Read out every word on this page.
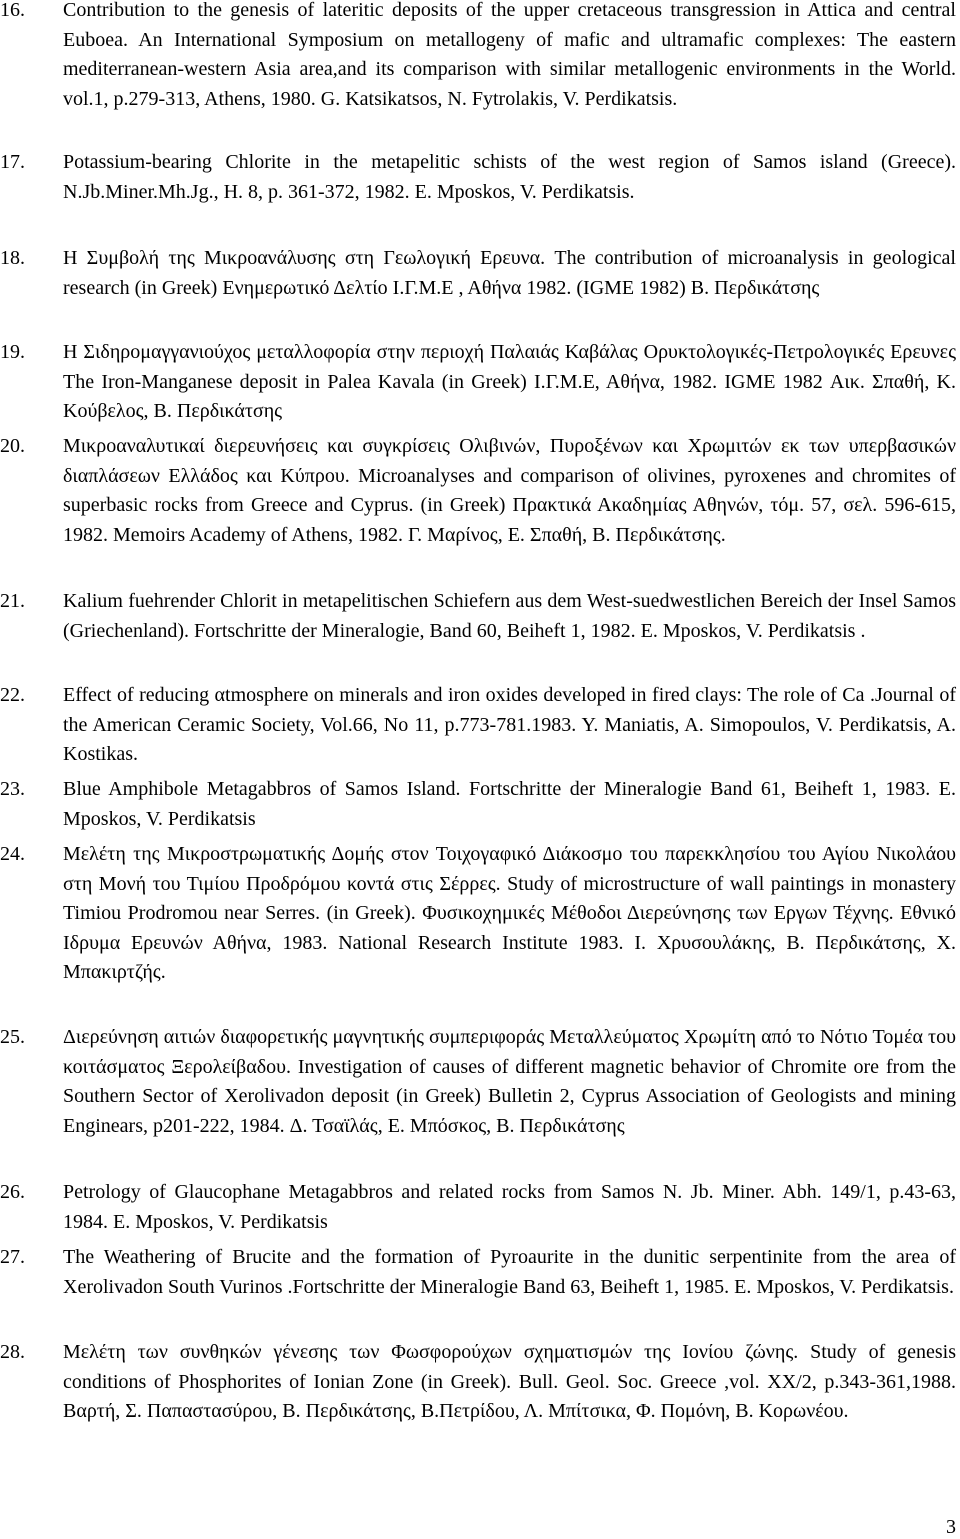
16. Contribution to the genesis of lateritic deposits of the upper cretaceous transgression in Attica and central Euboea. An International Symposium on metallogeny of mafic and ultramafic complexes: The eastern mediterranean-western Asia area,and its comparison with similar metallogenic environments in the World. vol.1, p.279-313, Athens, 1980. G. Katsikatsos, N. Fytrolakis, V. Perdikatsis.
17. Potassium-bearing Chlorite in the metapelitic schists of the west region of Samos island (Greece). N.Jb.Miner.Mh.Jg., H. 8, p. 361-372, 1982. E. Mposkos, V. Perdikatsis.
18. Η Συμβολή της Μικροανάλυσης στη Γεωλογική Ερευνα. The contribution of microanalysis in geological research (in Greek) Ενημερωτικό Δελτίο Ι.Γ.Μ.Ε , Αθήνα 1982. (IGME 1982) Β. Περδικάτσης
19. Η Σιδηρομαγγανιούχος μεταλλοφορία στην περιοχή Παλαιάς Καβάλας Ορυκτολογικές-Πετρολογικές Ερευνες The Iron-Manganese deposit in Palea Kavala (in Greek) Ι.Γ.Μ.Ε, Αθήνα, 1982. IGME 1982 Αικ. Σπαθή, Κ. Κούβελος, Β. Περδικάτσης
20. Μικροαναλυτικαί διερευνήσεις και συγκρίσεις Ολιβινών, Πυροξένων και Χρωμιτών εκ των υπερβασικών διαπλάσεων Ελλάδος και Κύπρου. Microanalyses and comparison of olivines, pyroxenes and chromites of superbasic rocks from Greece and Cyprus. (in Greek) Πρακτικά Ακαδημίας Αθηνών, τόμ. 57, σελ. 596-615, 1982. Memoirs Academy of Athens, 1982. Γ. Μαρίνος, Ε. Σπαθή, Β. Περδικάτσης.
21. Kalium fuehrender Chlorit in metapelitischen Schiefern aus dem West-suedwestlichen Bereich der Insel Samos (Griechenland). Fortschritte der Mineralogie, Band 60, Beiheft 1, 1982. E. Mposkos, V. Perdikatsis .
22. Effect of reducing αtmosphere on minerals and iron oxides developed in fired clays: The role of Ca .Journal of the American Ceramic Society, Vol.66, No 11, p.773-781.1983. Y. Maniatis, A. Simopoulos, V. Perdikatsis, A. Kostikas.
23. Blue Amphibole Metagabbros of Samos Island. Fortschritte der Mineralogie Band 61, Beiheft 1, 1983. E. Mposkos, V. Perdikatsis
24. Μελέτη της Μικροστρωματικής Δομής στον Τοιχογαφικό Διάκοσμο του παρεκκλησίου του Αγίου Νικολάου στη Μονή του Τιμίου Προδρόμου κοντά στις Σέρρες. Study of microstructure of wall paintings in monastery Timiou Prodromou near Serres. (in Greek). Φυσικοχημικές Μέθοδοι Διερεύνησης των Εργων Τέχνης. Εθνικό Ιδρυμα Ερευνών Αθήνα, 1983. National Research Institute 1983. Ι. Χρυσουλάκης, Β. Περδικάτσης, Χ. Μπακιρτζής.
25. Διερεύνηση αιτιών διαφορετικής μαγνητικής συμπεριφοράς Μεταλλεύματος Χρωμίτη από το Νότιο Τομέα του κοιτάσματος Ξερολείβαδου. Investigation of causes of different magnetic behavior of Chromite ore from the Southern Sector of Xerolivadon deposit (in Greek) Bulletin 2, Cyprus Association of Geologists and mining Enginears, p201-222, 1984. Δ. Τσαϊλάς, Ε. Μπόσκος, Β. Περδικάτσης
26. Petrology of Glaucophane Metagabbros and related rocks from Samos N. Jb. Miner. Abh. 149/1, p.43-63, 1984. E. Mposkos, V. Perdikatsis
27. The Weathering of Brucite and the formation of Pyroaurite in the dunitic serpentinite from the area of Xerolivadon South Vurinos .Fortschritte der Mineralogie Band 63, Beiheft 1, 1985. E. Mposkos, V. Perdikatsis.
28. Μελέτη των συνθηκών γένεσης των Φωσφορούχων σχηματισμών της Ιονίου ζώνης. Study of genesis conditions of Phosphorites of Ionian Zone (in Greek). Bull. Geol. Soc. Greece ,vol. XX/2, p.343-361,1988. Βαρτή, Σ. Παπαστασύρου, Β. Περδικάτσης, Β.Πετρίδου, Λ. Μπίτσικα, Φ. Πομόνη, Β. Κορωνέου.
3
